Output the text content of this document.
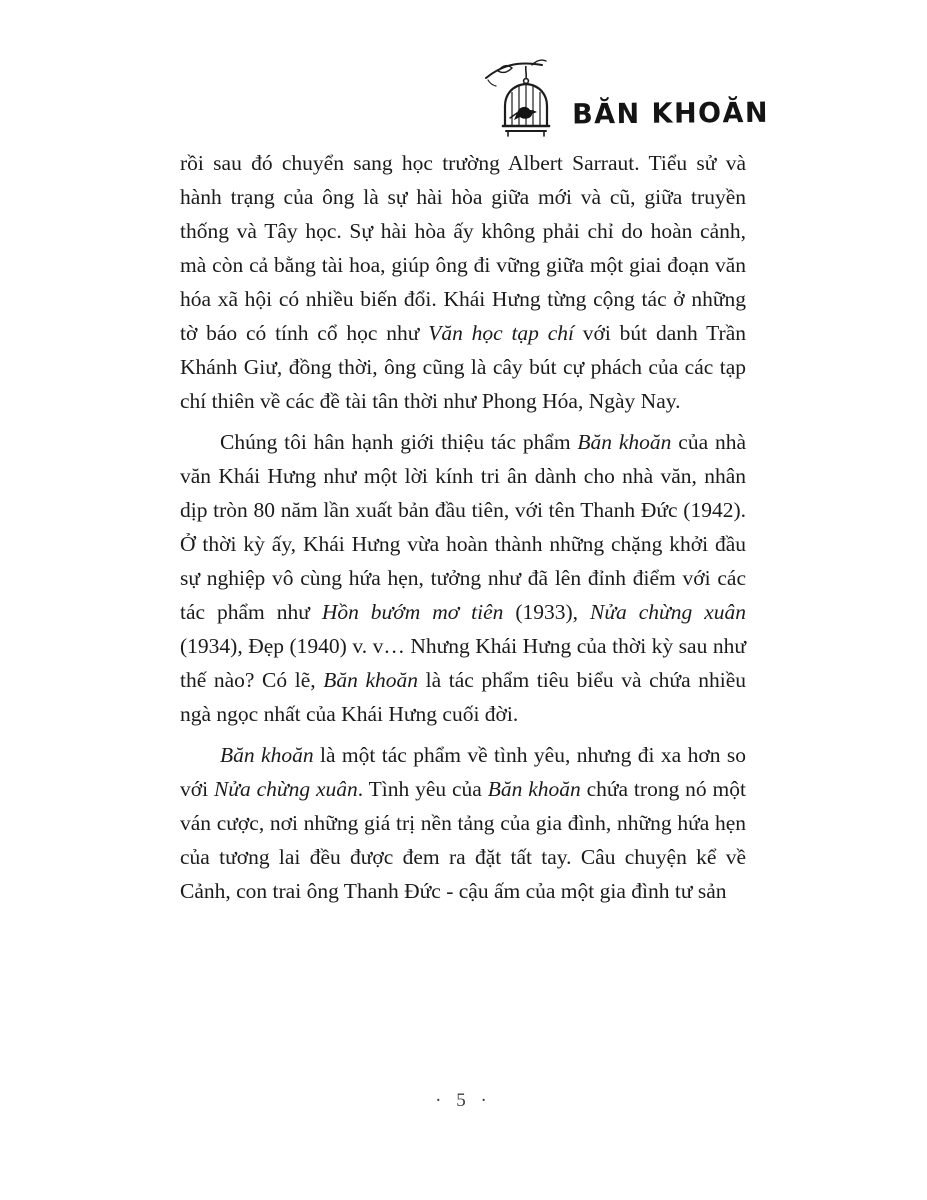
BĂN KHOĂN

rồi sau đó chuyển sang học trường Albert Sarraut. Tiểu sử và hành trạng của ông là sự hài hòa giữa mới và cũ, giữa truyền thống và Tây học. Sự hài hòa ấy không phải chỉ do hoàn cảnh, mà còn cả bằng tài hoa, giúp ông đi vững giữa một giai đoạn văn hóa xã hội có nhiều biến đổi. Khái Hưng từng cộng tác ở những tờ báo có tính cổ học như Văn học tạp chí với bút danh Trần Khánh Giư, đồng thời, ông cũng là cây bút cự phách của các tạp chí thiên về các đề tài tân thời như Phong Hóa, Ngày Nay.

Chúng tôi hân hạnh giới thiệu tác phẩm Băn khoăn của nhà văn Khái Hưng như một lời kính tri ân dành cho nhà văn, nhân dịp tròn 80 năm lần xuất bản đầu tiên, với tên Thanh Đức (1942). Ở thời kỳ ấy, Khái Hưng vừa hoàn thành những chặng khởi đầu sự nghiệp vô cùng hứa hẹn, tưởng như đã lên đỉnh điểm với các tác phẩm như Hồn bướm mơ tiên (1933), Nửa chừng xuân (1934), Đẹp (1940) v. v… Nhưng Khái Hưng của thời kỳ sau như thế nào? Có lẽ, Băn khoăn là tác phẩm tiêu biểu và chứa nhiều ngà ngọc nhất của Khái Hưng cuối đời.

Băn khoăn là một tác phẩm về tình yêu, nhưng đi xa hơn so với Nửa chừng xuân. Tình yêu của Băn khoăn chứa trong nó một ván cược, nơi những giá trị nền tảng của gia đình, những hứa hẹn của tương lai đều được đem ra đặt tất tay. Câu chuyện kể về Cảnh, con trai ông Thanh Đức - cậu ấm của một gia đình tư sản

· 5 ·
